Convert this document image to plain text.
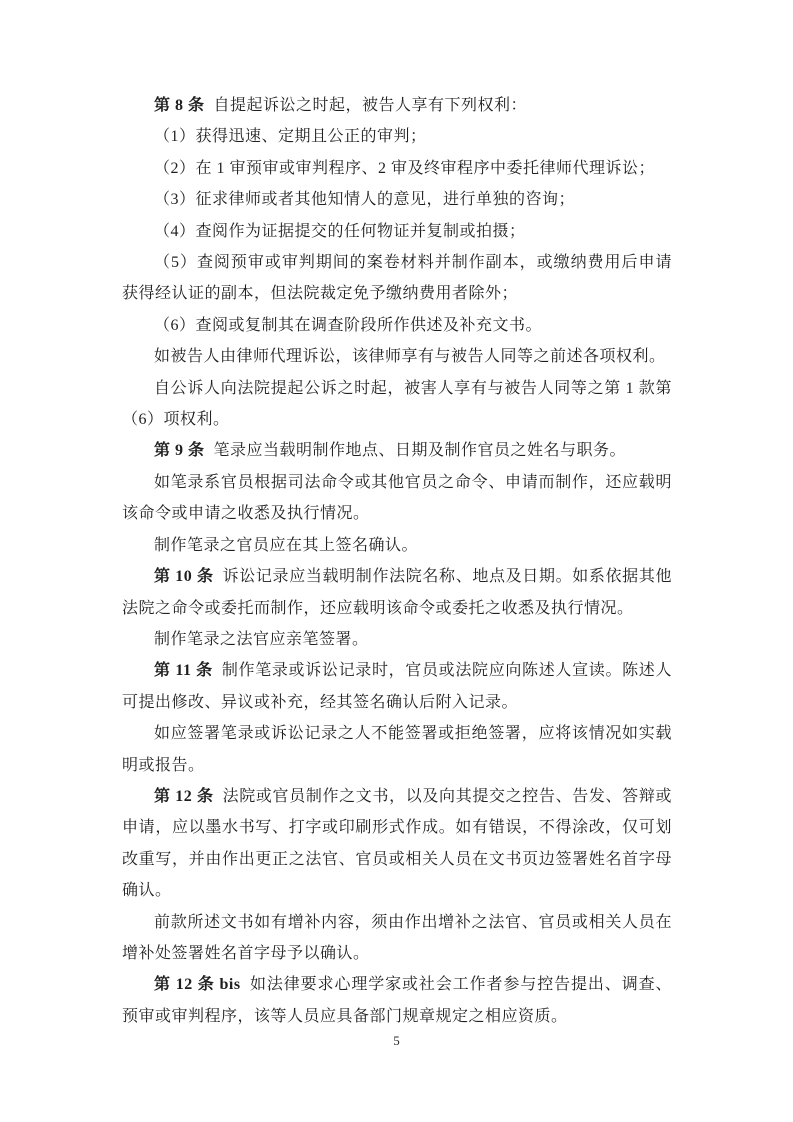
第 8 条 自提起诉讼之时起，被告人享有下列权利：

（1）获得迅速、定期且公正的审判；

（2）在 1 审预审或审判程序、2 审及终审程序中委托律师代理诉讼；

（3）征求律师或者其他知情人的意见，进行单独的咨询；

（4）查阅作为证据提交的任何物证并复制或拍摄；

（5）查阅预审或审判期间的案卷材料并制作副本，或缴纳费用后申请获得经认证的副本，但法院裁定免予缴纳费用者除外；

（6）查阅或复制其在调查阶段所作供述及补充文书。

如被告人由律师代理诉讼，该律师享有与被告人同等之前述各项权利。

自公诉人向法院提起公诉之时起，被害人享有与被告人同等之第 1 款第（6）项权利。

第 9 条 笔录应当载明制作地点、日期及制作官员之姓名与职务。

如笔录系官员根据司法命令或其他官员之命令、申请而制作，还应载明该命令或申请之收悉及执行情况。

制作笔录之官员应在其上签名确认。

第 10 条 诉讼记录应当载明制作法院名称、地点及日期。如系依据其他法院之命令或委托而制作，还应载明该命令或委托之收悉及执行情况。

制作笔录之法官应亲笔签署。

第 11 条 制作笔录或诉讼记录时，官员或法院应向陈述人宣读。陈述人可提出修改、异议或补充，经其签名确认后附入记录。

如应签署笔录或诉讼记录之人不能签署或拒绝签署，应将该情况如实载明或报告。

第 12 条 法院或官员制作之文书，以及向其提交之控告、告发、答辩或申请，应以墨水书写、打字或印刷形式作成。如有错误，不得涂改，仅可划改重写，并由作出更正之法官、官员或相关人员在文书页边签署姓名首字母确认。

前款所述文书如有增补内容，须由作出增补之法官、官员或相关人员在增补处签署姓名首字母予以确认。

第 12 条 bis 如法律要求心理学家或社会工作者参与控告提出、调查、预审或审判程序，该等人员应具备部门规章规定之相应资质。

5
